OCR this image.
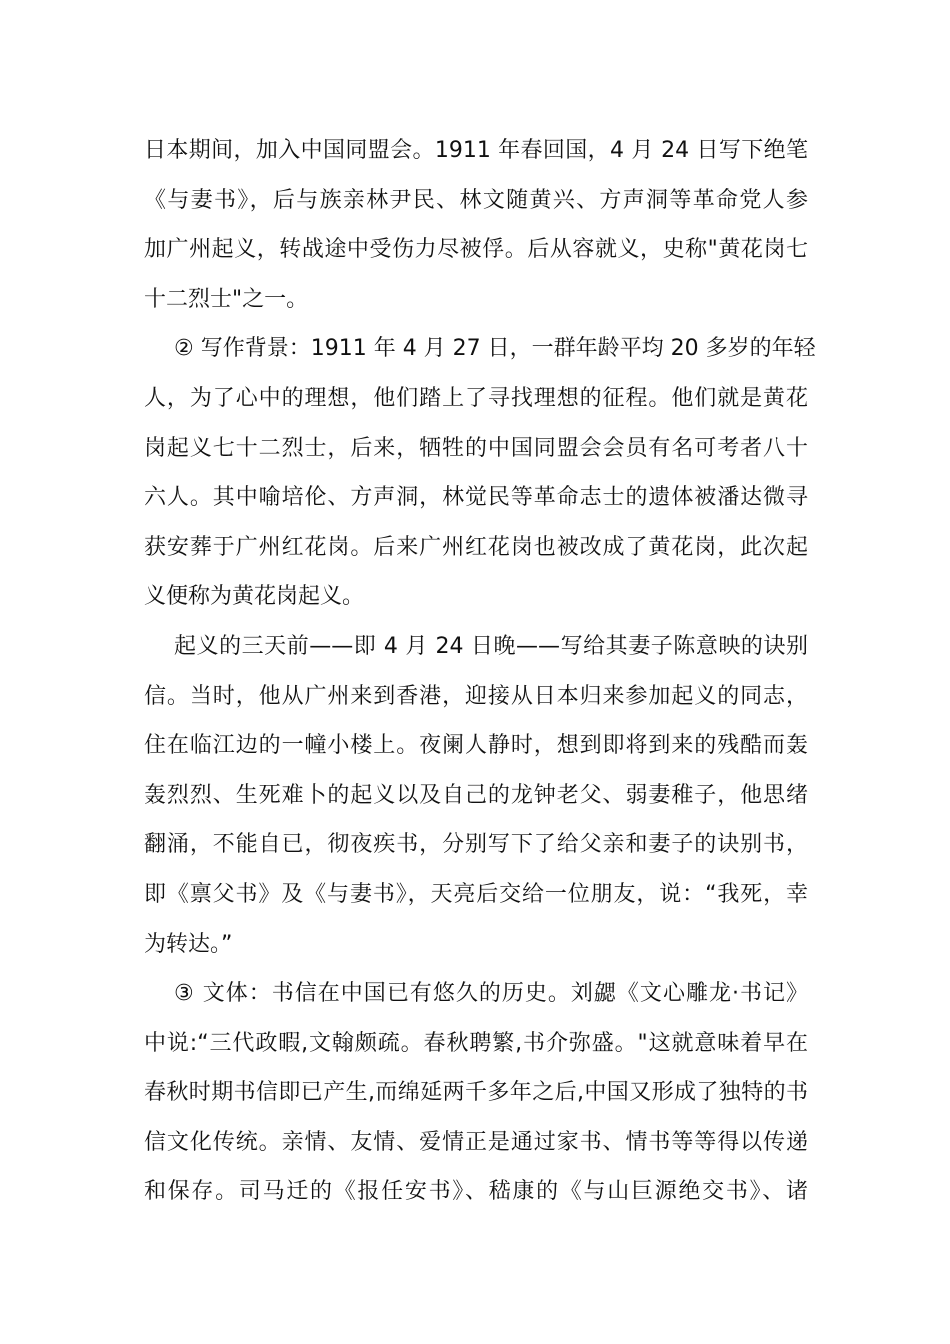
日本期间，加入中国同盟会。1911 年春回国，4 月 24 日写下绝笔
《与妻书》，后与族亲林尹民、林文随黄兴、方声洞等革命党人参
加广州起义，转战途中受伤力尽被俘。后从容就义，史称"黄花岗七
十二烈士"之一。
② 写作背景：1911 年 4 月 27 日，一群年龄平均 20 多岁的年轻
人，为了心中的理想，他们踏上了寻找理想的征程。他们就是黄花
岗起义七十二烈士，后来，牺牲的中国同盟会会员有名可考者八十
六人。其中喻培伦、方声洞，林觉民等革命志士的遗体被潘达微寻
获安葬于广州红花岗。后来广州红花岗也被改成了黄花岗，此次起
义便称为黄花岗起义。
起义的三天前——即 4 月 24 日晚——写给其妻子陈意映的诀别
信。当时，他从广州来到香港，迎接从日本归来参加起义的同志，
住在临江边的一幢小楼上。夜阑人静时，想到即将到来的残酷而轰
轰烈烈、生死难卜的起义以及自己的龙钟老父、弱妻稚子，他思绪
翻涌，不能自已，彻夜疾书，分别写下了给父亲和妻子的诀别书，
即《禀父书》及《与妻书》，天亮后交给一位朋友，说：“我死，幸
为转达。”
③ 文体：书信在中国已有悠久的历史。刘勰《文心雕龙·书记》
中说:“三代政暇,文翰颇疏。春秋聘繁,书介弥盛。"这就意味着早在
春秋时期书信即已产生,而绵延两千多年之后,中国又形成了独特的书
信文化传统。亲情、友情、爱情正是通过家书、情书等等得以传递
和保存。司马迁的《报任安书》、嵇康的《与山巨源绝交书》、诸
